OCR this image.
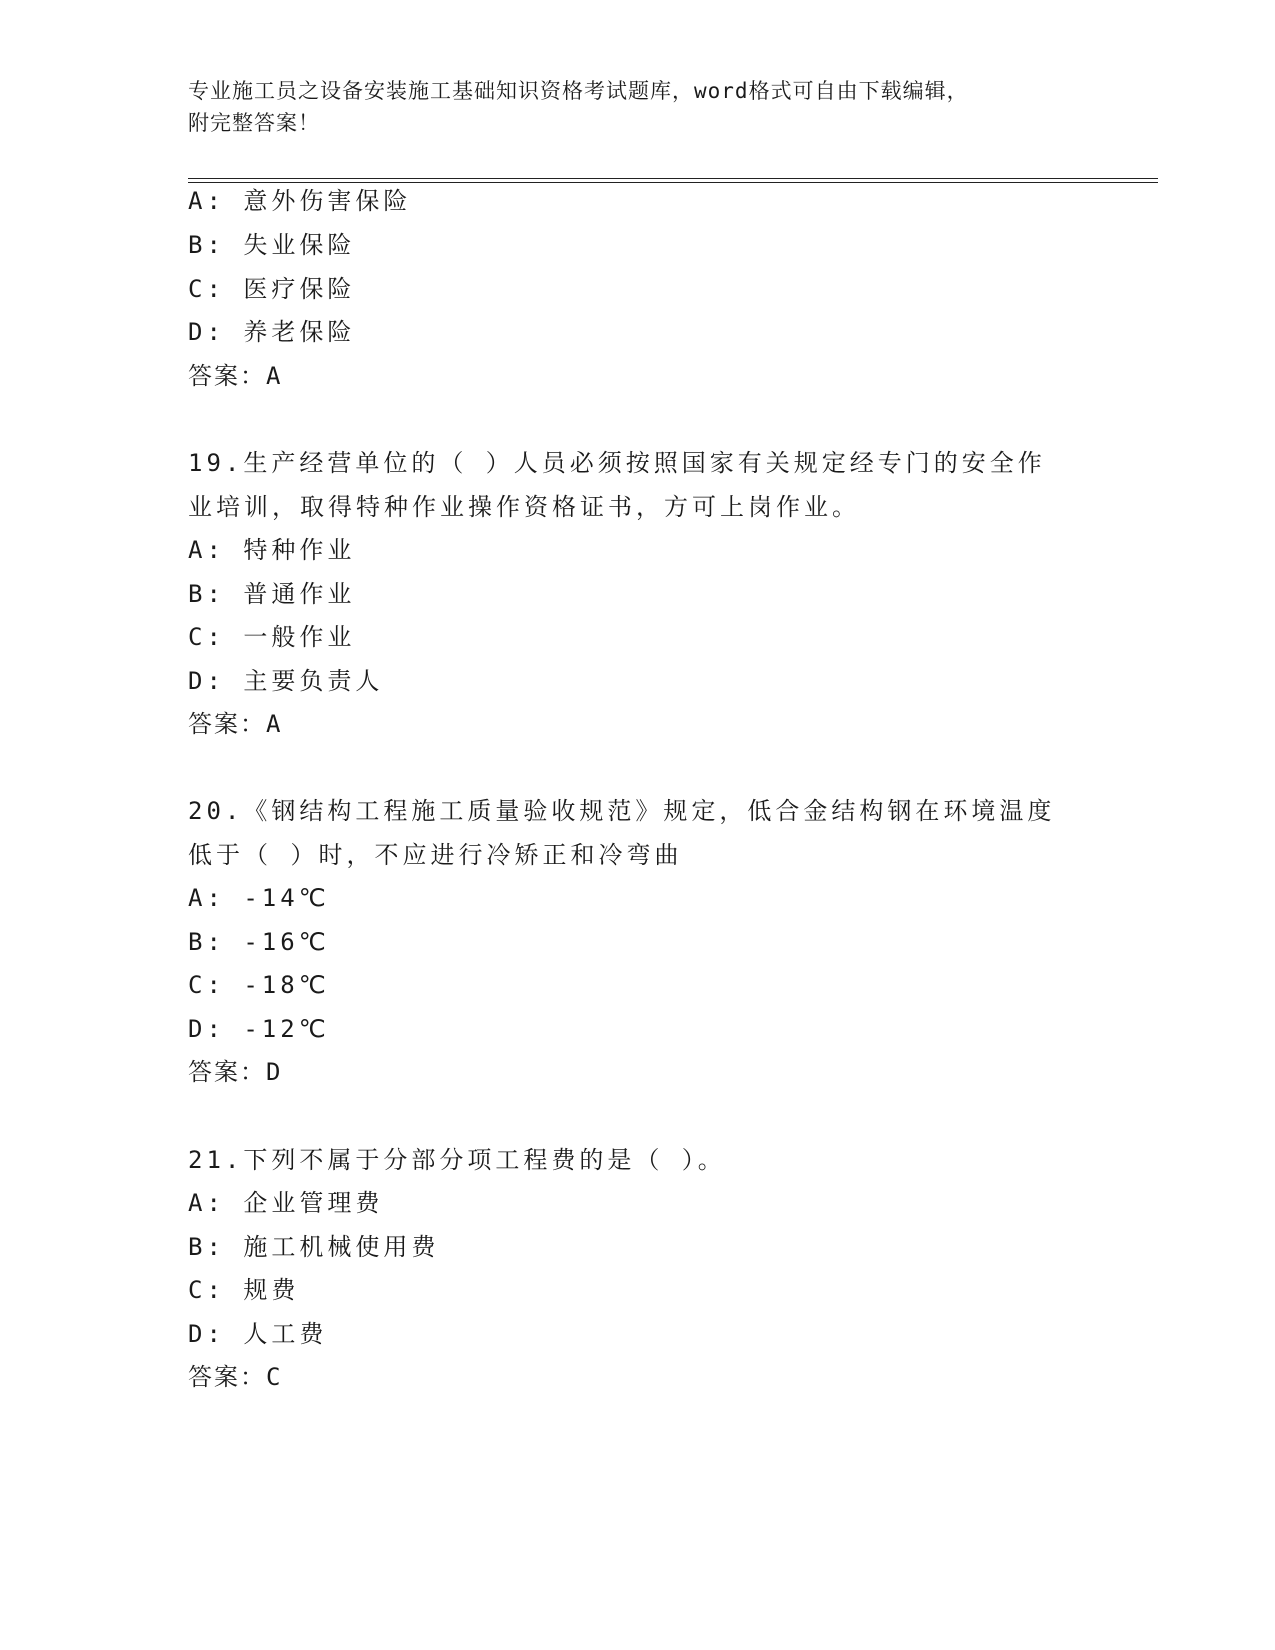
专业施工员之设备安装施工基础知识资格考试题库，word格式可自由下载编辑，
附完整答案！
A: 意外伤害保险
B: 失业保险
C: 医疗保险
D: 养老保险
答案：A
19.生产经营单位的（ ）人员必须按照国家有关规定经专门的安全作
业培训，取得特种作业操作资格证书，方可上岗作业。
A: 特种作业
B: 普通作业
C: 一般作业
D: 主要负责人
答案：A
20.《钢结构工程施工质量验收规范》规定，低合金结构钢在环境温度
低于（ ）时，不应进行冷矫正和冷弯曲
A: -14℃
B: -16℃
C: -18℃
D: -12℃
答案：D
21.下列不属于分部分项工程费的是（ ）。
A: 企业管理费
B: 施工机械使用费
C: 规费
D: 人工费
答案：C
